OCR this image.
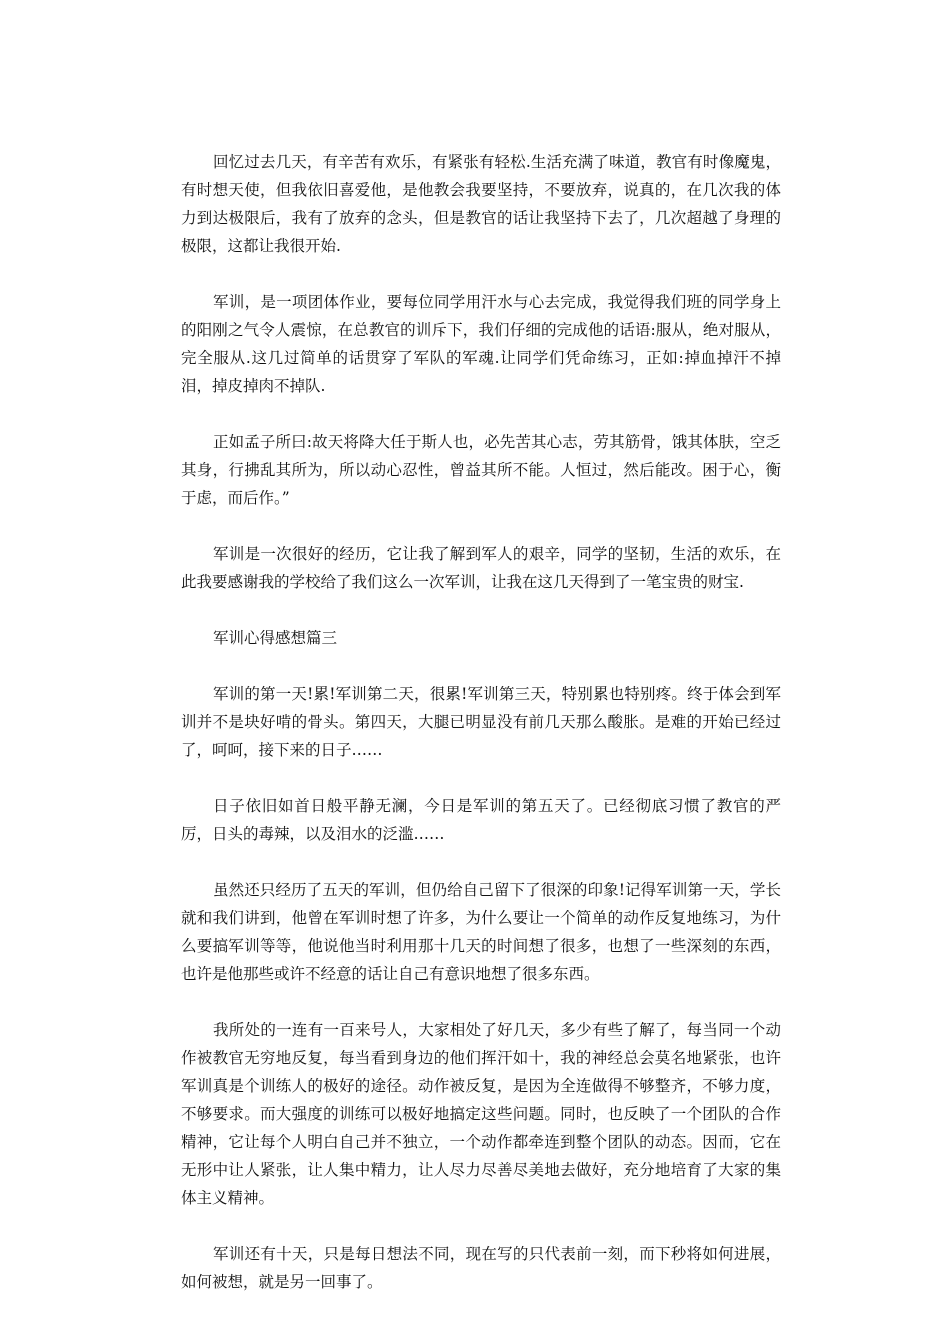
回忆过去几天，有辛苦有欢乐，有紧张有轻松.生活充满了味道，教官有时像魔鬼，有时想天使，但我依旧喜爱他，是他教会我要坚持，不要放弃，说真的，在几次我的体力到达极限后，我有了放弃的念头，但是教官的话让我坚持下去了，几次超越了身理的极限，这都让我很开始.

军训，是一项团体作业，要每位同学用汗水与心去完成，我觉得我们班的同学身上的阳刚之气令人震惊，在总教官的训斥下，我们仔细的完成他的话语:服从，绝对服从，完全服从.这几过简单的话贯穿了军队的军魂.让同学们凭命练习，正如:掉血掉汗不掉泪，掉皮掉肉不掉队.

正如孟子所曰:故天将降大任于斯人也，必先苦其心志，劳其筋骨，饿其体肤，空乏其身，行拂乱其所为，所以动心忍性，曾益其所不能。人恒过，然后能改。困于心，衡于虑，而后作。”

军训是一次很好的经历，它让我了解到军人的艰辛，同学的坚韧，生活的欢乐，在此我要感谢我的学校给了我们这么一次军训，让我在这几天得到了一笔宝贵的财宝.

军训心得感想篇三

军训的第一天!累!军训第二天，很累!军训第三天，特别累也特别疼。终于体会到军训并不是块好啃的骨头。第四天，大腿已明显没有前几天那么酸胀。是难的开始已经过了，呵呵，接下来的日子……

日子依旧如首日般平静无澜，今日是军训的第五天了。已经彻底习惯了教官的严厉，日头的毒辣，以及泪水的泛滥……

虽然还只经历了五天的军训，但仍给自己留下了很深的印象!记得军训第一天，学长就和我们讲到，他曾在军训时想了许多，为什么要让一个简单的动作反复地练习，为什么要搞军训等等，他说他当时利用那十几天的时间想了很多，也想了一些深刻的东西，也许是他那些或许不经意的话让自己有意识地想了很多东西。

我所处的一连有一百来号人，大家相处了好几天，多少有些了解了，每当同一个动作被教官无穷地反复，每当看到身边的他们挥汗如十，我的神经总会莫名地紧张，也许军训真是个训练人的极好的途径。动作被反复，是因为全连做得不够整齐，不够力度，不够要求。而大强度的训练可以极好地搞定这些问题。同时，也反映了一个团队的合作精神，它让每个人明白自己并不独立，一个动作都牵连到整个团队的动态。因而，它在无形中让人紧张，让人集中精力，让人尽力尽善尽美地去做好，充分地培育了大家的集体主义精神。

军训还有十天，只是每日想法不同，现在写的只代表前一刻，而下秒将如何进展，如何被想，就是另一回事了。
